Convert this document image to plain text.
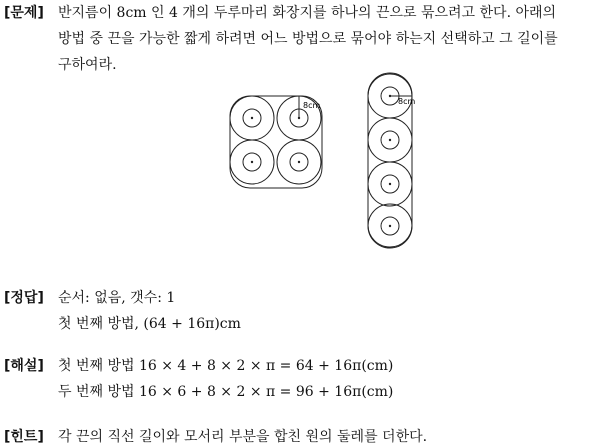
[문제] 반지름이 8cm 인 4 개의 두루마리 화장지를 하나의 끈으로 묶으려고 한다. 아래의
방법 중 끈을 가능한 짧게 하려면 어느 방법으로 묶어야 하는지 선택하고 그 길이를
구하여라.
8cm	8cm
[정답] 순서: 없음, 갯수: 1
첫 번째 방법, (64 + 16π)cm
[해설] 첫 번째 방법 16 × 4 + 8 × 2 × π = 64 + 16π(cm)
두 번째 방법 16 × 6 + 8 × 2 × π = 96 + 16π(cm)
[힌트] 각 끈의 직선 길이와 모서리 부분을 합친 원의 둘레를 더한다.
